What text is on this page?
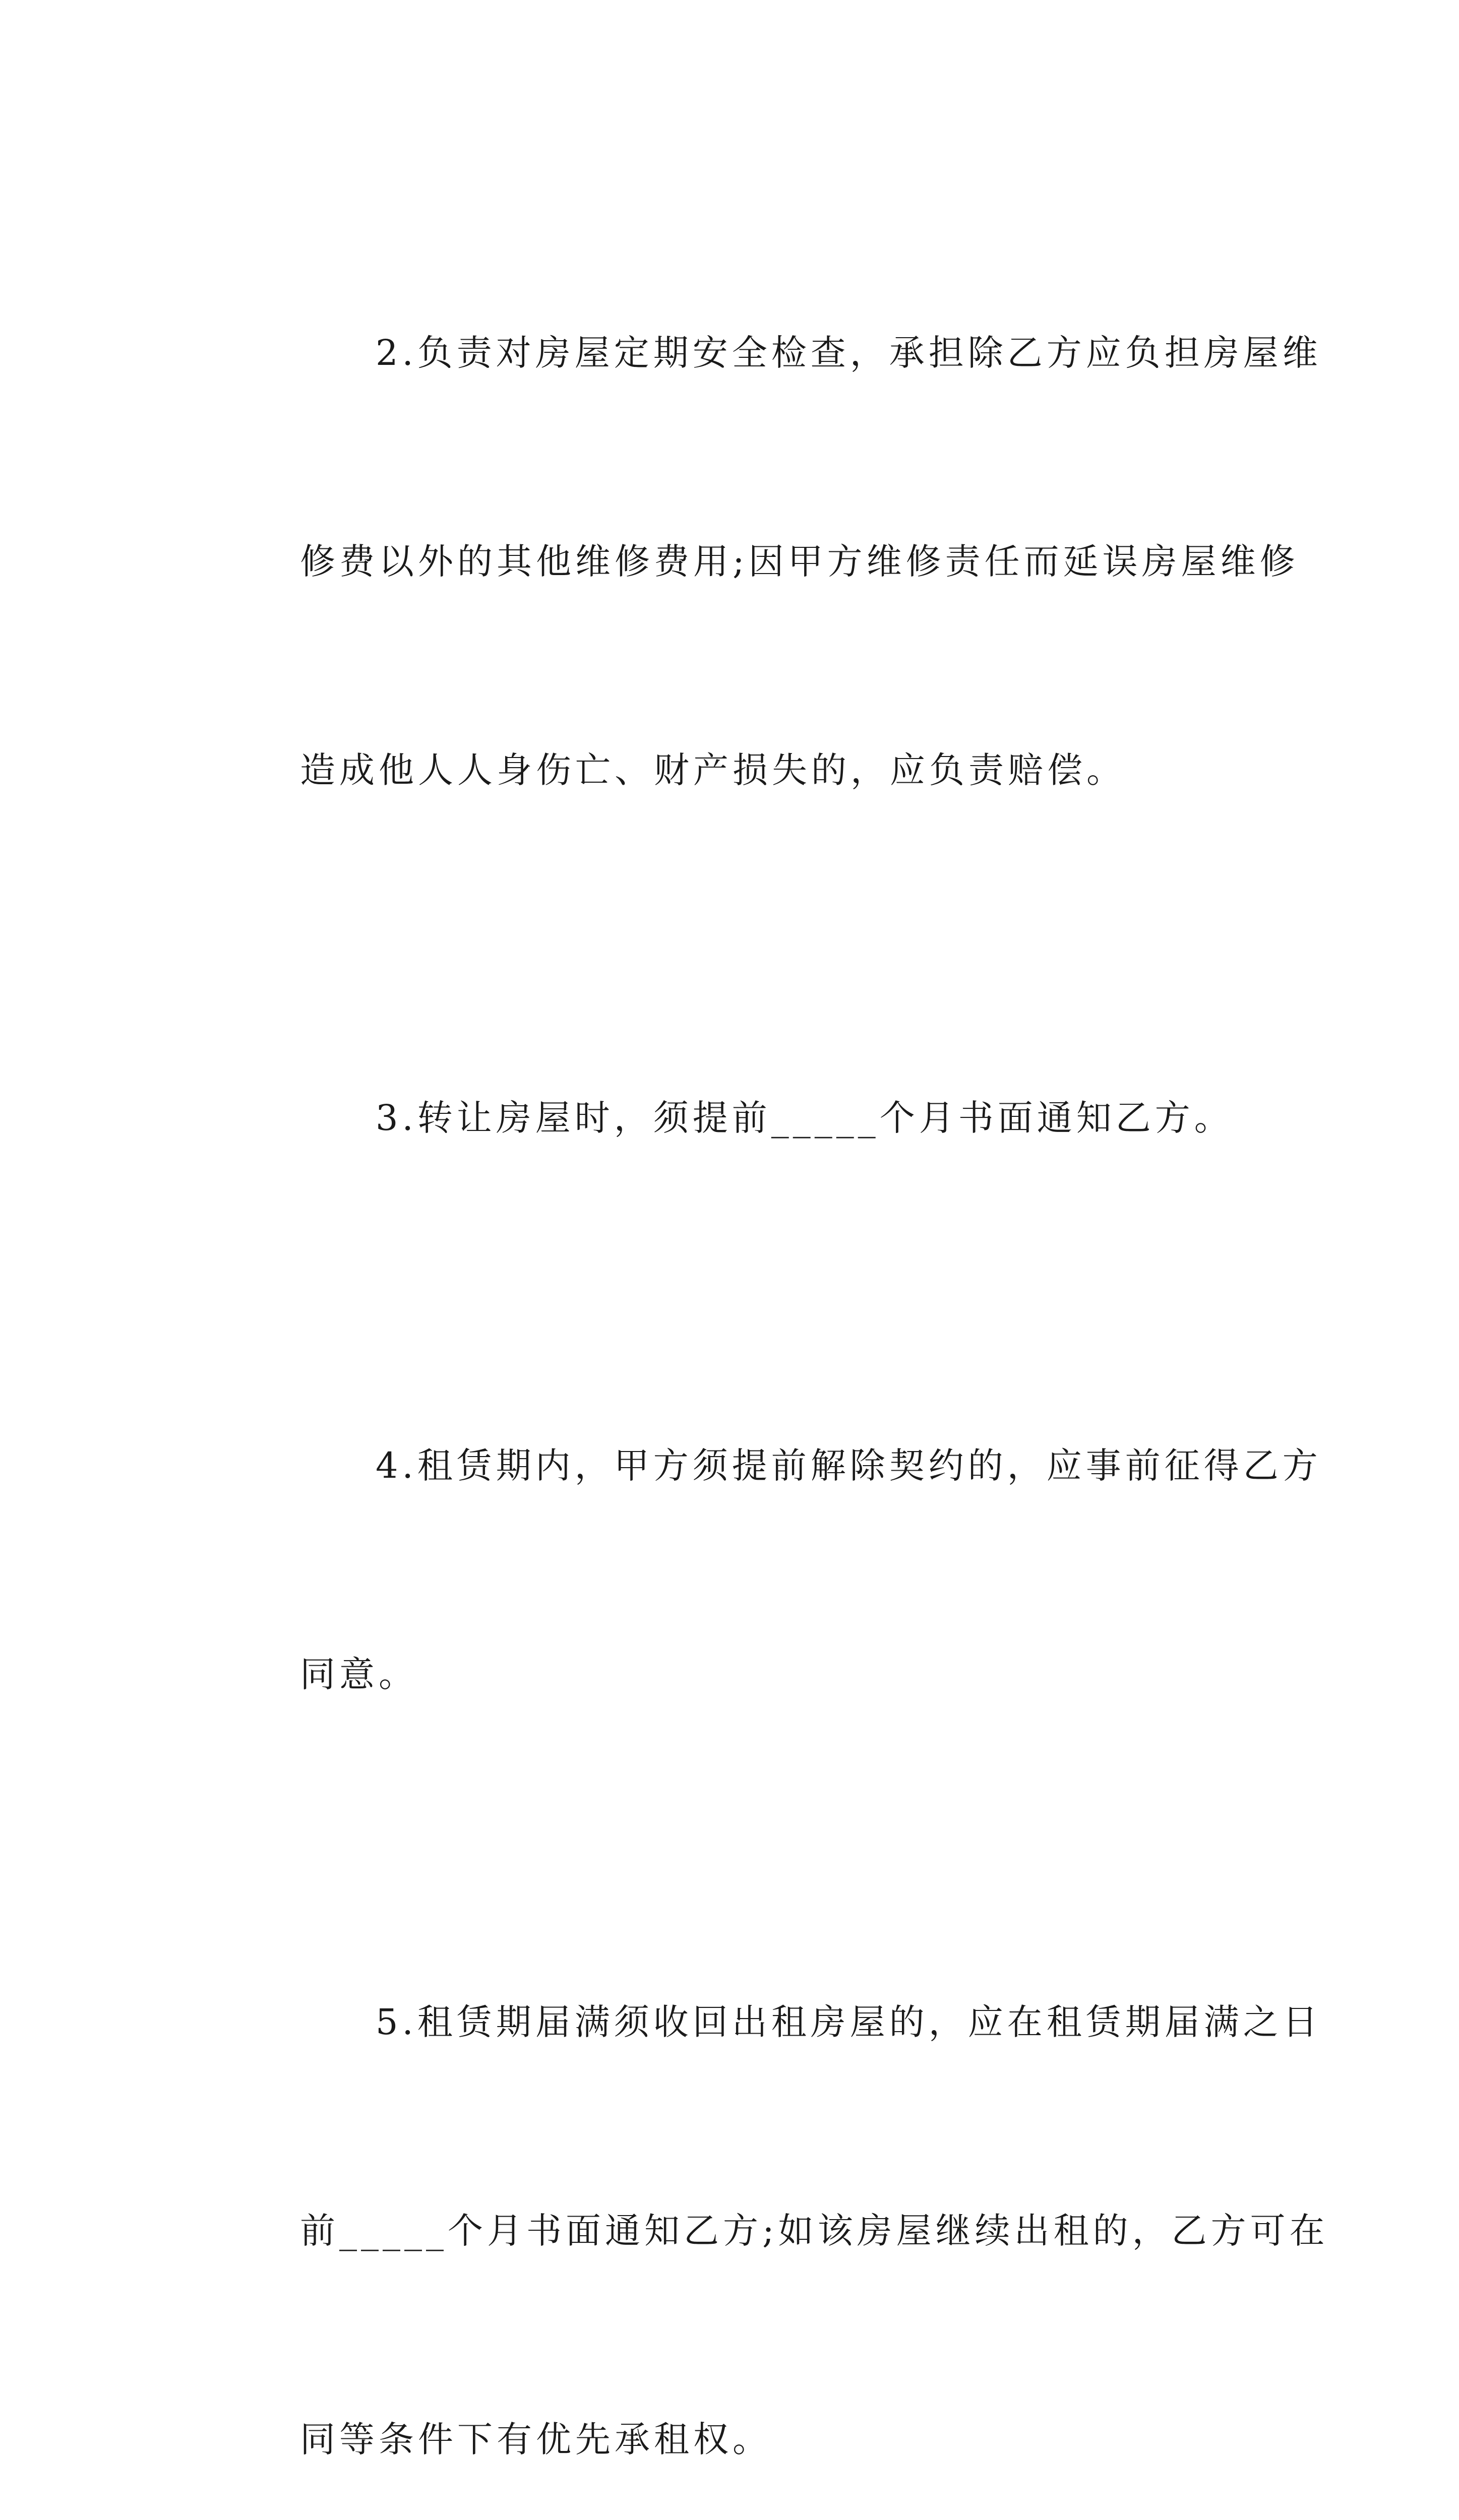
2.负责对房屋定期安全检查，承担除乙方应负担房屋维

修费以外的其他维修费用;因甲方维修责任而延误房屋维修

造成他人人身伤亡、财产损失的，应负责赔偿。

3.转让房屋时，须提前_____个月书面通知乙方。

4.租赁期内，甲方须提前解除契约的，应事前征得乙方

同意。

5.租赁期届满须收回出租房屋的，应在租赁期届满之日

前_____个月书面通知乙方;如该房屋继续出租的，乙方可在

同等条件下有优先承租权。
